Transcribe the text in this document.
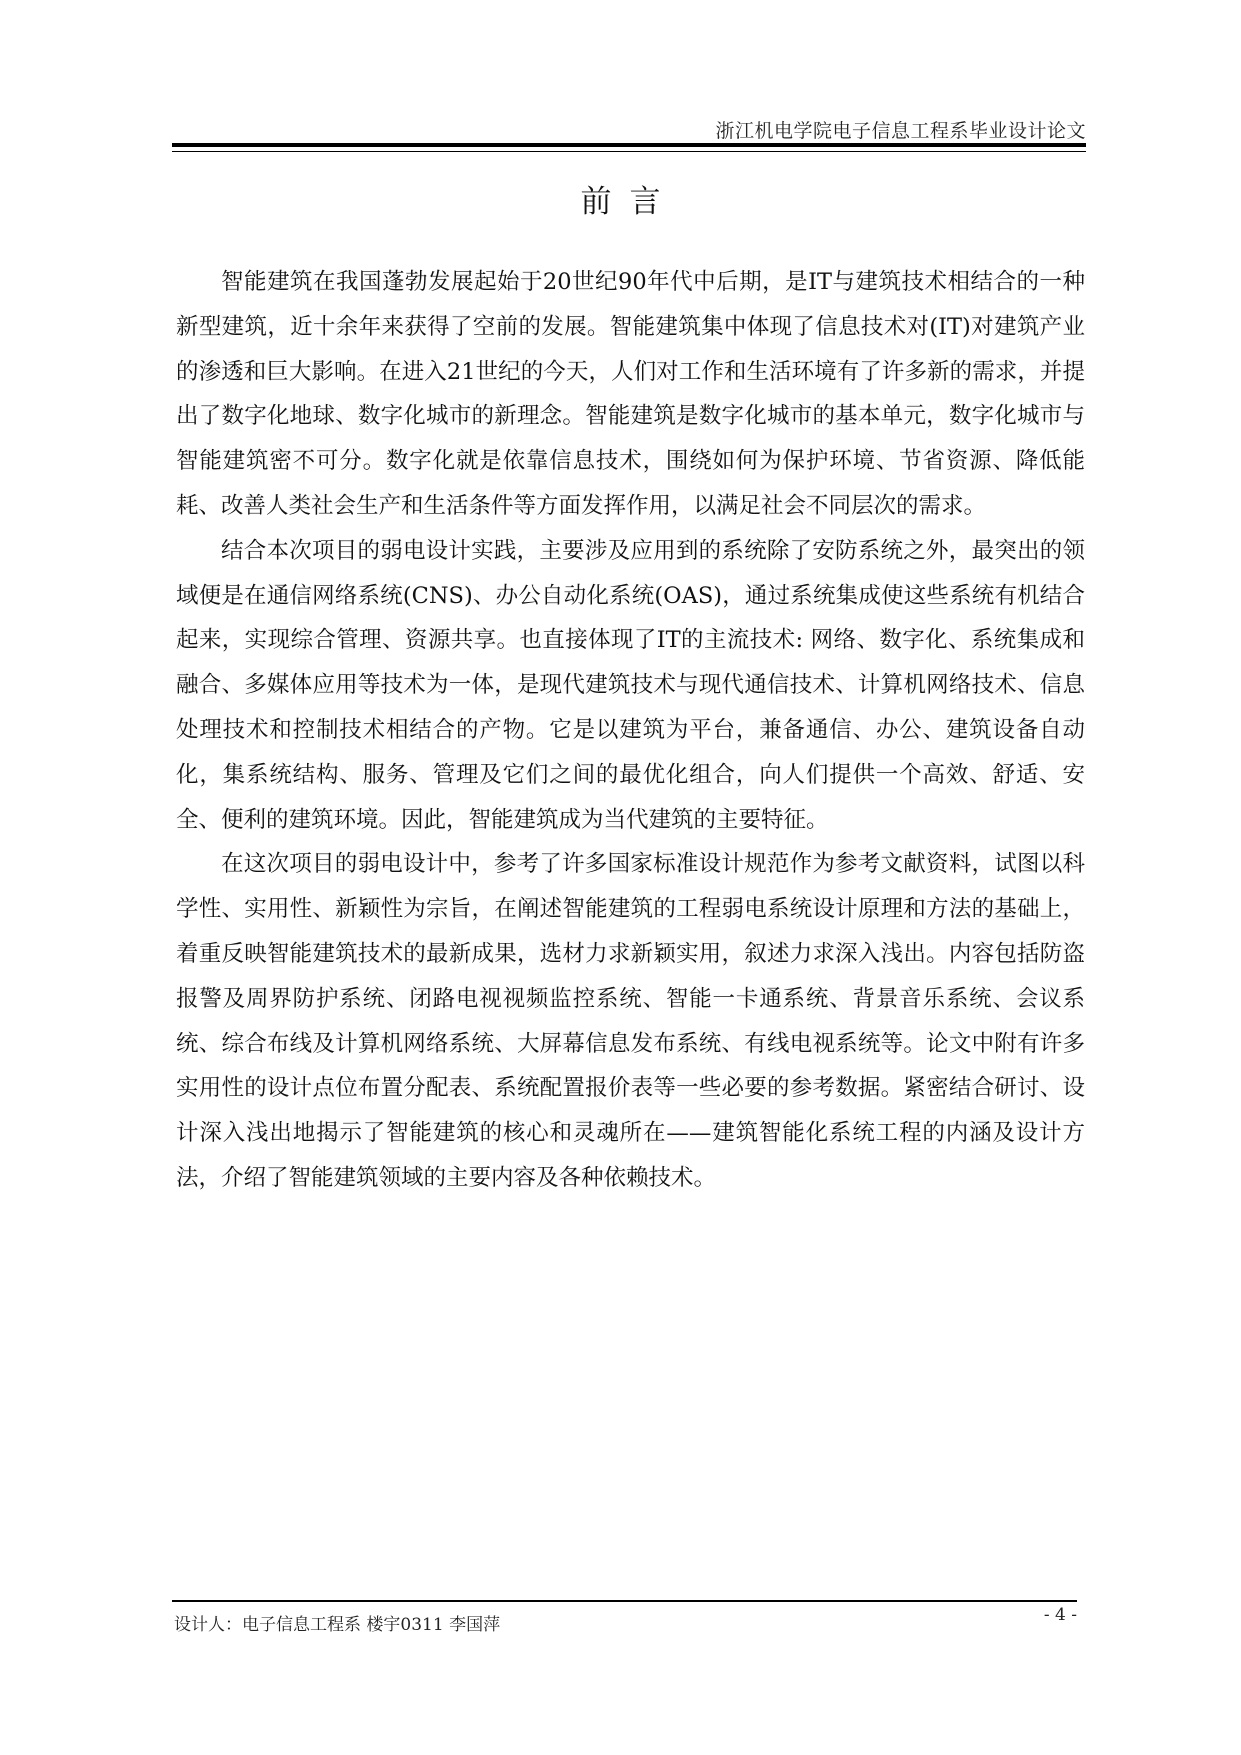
浙江机电学院电子信息工程系毕业设计论文
前言

智能建筑在我国蓬勃发展起始于20世纪90年代中后期，是IT与建筑技术相结合的一种新型建筑，近十余年来获得了空前的发展。智能建筑集中体现了信息技术对(IT)对建筑产业的渗透和巨大影响。在进入21世纪的今天，人们对工作和生活环境有了许多新的需求，并提出了数字化地球、数字化城市的新理念。智能建筑是数字化城市的基本单元，数字化城市与智能建筑密不可分。数字化就是依靠信息技术，围绕如何为保护环境、节省资源、降低能耗、改善人类社会生产和生活条件等方面发挥作用，以满足社会不同层次的需求。

结合本次项目的弱电设计实践，主要涉及应用到的系统除了安防系统之外，最突出的领域便是在通信网络系统(CNS)、办公自动化系统(OAS)，通过系统集成使这些系统有机结合起来，实现综合管理、资源共享。也直接体现了IT的主流技术: 网络、数字化、系统集成和融合、多媒体应用等技术为一体，是现代建筑技术与现代通信技术、计算机网络技术、信息处理技术和控制技术相结合的产物。它是以建筑为平台，兼备通信、办公、建筑设备自动化，集系统结构、服务、管理及它们之间的最优化组合，向人们提供一个高效、舒适、安全、便利的建筑环境。因此，智能建筑成为当代建筑的主要特征。

在这次项目的弱电设计中，参考了许多国家标准设计规范作为参考文献资料，试图以科学性、实用性、新颖性为宗旨，在阐述智能建筑的工程弱电系统设计原理和方法的基础上，着重反映智能建筑技术的最新成果，选材力求新颖实用，叙述力求深入浅出。内容包括防盗报警及周界防护系统、闭路电视视频监控系统、智能一卡通系统、背景音乐系统、会议系统、综合布线及计算机网络系统、大屏幕信息发布系统、有线电视系统等。论文中附有许多实用性的设计点位布置分配表、系统配置报价表等一些必要的参考数据。紧密结合研讨、设计深入浅出地揭示了智能建筑的核心和灵魂所在——建筑智能化系统工程的内涵及设计方法，介绍了智能建筑领域的主要内容及各种依赖技术。

设计人：电子信息工程系 楼宇0311 李国萍	- 4 -
